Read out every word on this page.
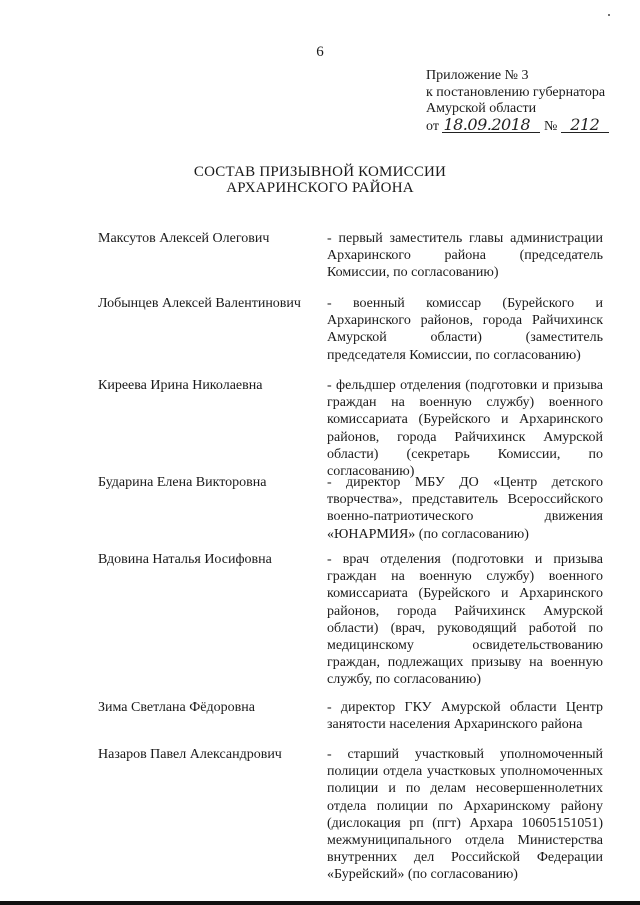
6
Приложение № 3
к постановлению губернатора
Амурской области
от 18.09.2018 № 212
СОСТАВ ПРИЗЫВНОЙ КОМИССИИ
АРХАРИНСКОГО РАЙОНА
Максутов Алексей Олегович	- первый заместитель главы администрации Архаринского района (председатель Комиссии, по согласованию)
Лобынцев Алексей Валентинович - военный комиссар (Бурейского и Архаринского районов, города Райчихинск Амурской области) (заместитель председателя Комиссии, по согласованию)
Киреева Ирина Николаевна	- фельдшер отделения (подготовки и призыва граждан на военную службу) военного комиссариата (Бурейского и Архаринского районов, города Райчихинск Амурской области) (секретарь Комиссии, по согласованию)
Бударина Елена Викторовна	- директор МБУ ДО «Центр детского творчества», представитель Всероссийского военно-патриотического движения «ЮНАРМИЯ» (по согласованию)
Вдовина Наталья Иосифовна	- врач отделения (подготовки и призыва граждан на военную службу) военного комиссариата (Бурейского и Архаринского районов, города Райчихинск Амурской области) (врач, руководящий работой по медицинскому освидетельствованию граждан, подлежащих призыву на военную службу, по согласованию)
Зима Светлана Фёдоровна	- директор ГКУ Амурской области Центр занятости населения Архаринского района
Назаров Павел Александрович	- старший участковый уполномоченный полиции отдела участковых уполномоченных полиции и по делам несовершеннолетних отдела полиции по Архаринскому району (дислокация рп (пгт) Архара 10605151051) межмуниципального отдела Министерства внутренних дел Российской Федерации «Бурейский» (по согласованию)
